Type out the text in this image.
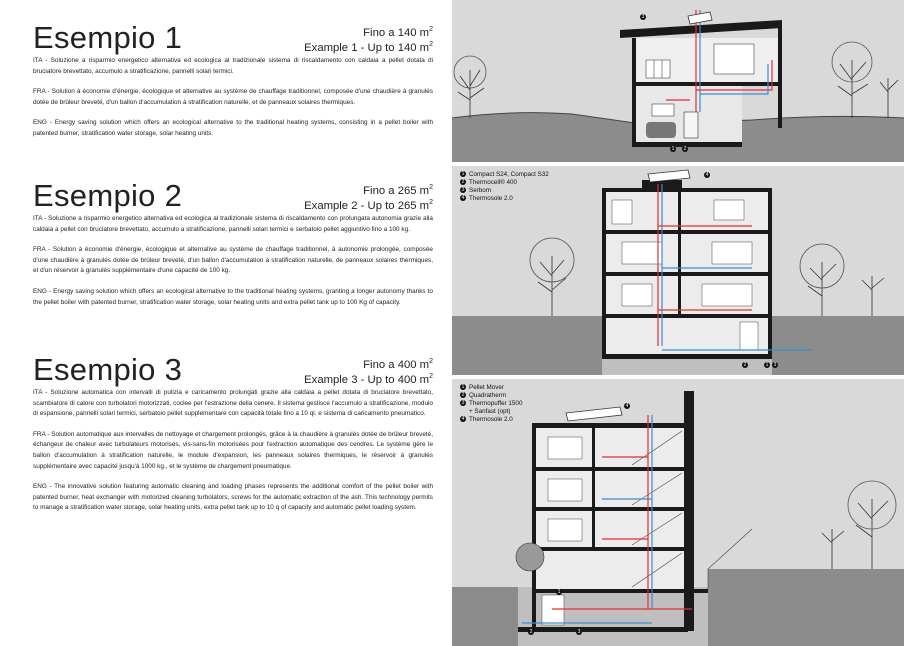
Esempio 1	Fino a 140 $m^2$
Example 1 - Up to 140 $m^2$

ITA - Soluzione a risparmio energetico alternativa ed ecologica al tradizionale sistema di riscaldamento con caldaia a pellet dotata di bruciatore brevettato, accumulo a stratificazione, pannelli solari termici.

FRA - Solution à économie d'énergie, écologique et alternative au système de chauffage traditionnel, composée d'une chaudière à granulés dotée de brûleur breveté, d'un ballon d'accumulation à stratification naturelle, et de panneaux solaires thermiques.

ENG - Energy saving solution which offers an ecological alternative to the traditional heating systems, consisting in a pellet boiler with patented burner, stratification water storage, solar heating units.

Esempio 2	Fino a 265 $m^2$
Example 2 - Up to 265 $m^2$

ITA - Soluzione a risparmio energetico alternativa ed ecologica al tradizionale sistema di riscaldamento con prolungata autonomia grazie alla caldaia a pellet con bruciatore brevettato, accumulo a stratificazione, pannelli solari termici e serbatoio pellet aggiuntivo fino a 100 kg.

FRA - Solution à économie d'énergie, écologique et alternative au système de chauffage traditionnel, à autonomie prolongée, composée d'une chaudière à granulés dotée de brûleur breveté, d'un ballon d'accumulation à stratification naturelle, de panneaux solaires thermiques, et d'un réservoir à granulés supplémentaire d'une capacité de 100 kg.

ENG - Energy saving solution which offers an ecological alternative to the traditional heating systems, granting a longer autonomy thanks to the pellet boiler with patented burner, stratification water storage, solar heating units and extra pellet tank up to 100 Kg of capacity.

Esempio 3	Fino a 400 $m^2$
Example 3 - Up to 400 $m^2$

ITA - Soluzione automatica con intervalli di pulizia e caricamento prolungati grazie alla caldaia a pellet dotata di bruciatore brevettato, scambiatore di calore con turbolatori motorizzati, coclee per l'estrazione della cenere. Il sistema gestisce l'accumulo a stratificazione, modulo di espansione, pannelli solari termici, serbatoio pellet supplementare con capacità totale fino a 10 ql. e sistema di caricamento pneumatico.

FRA - Solution automatique aux intervalles de nettoyage et chargement prolongés, grâce à la chaudière à granulés dotée de brûleur breveté, échangeur de chaleur avec turbulateurs motorisés, vis-sans-fin motorisées pour l'extraction automatique des cendres. Le système gère le ballon d'accumulation à stratification naturelle, le module d'expansion, les panneaux solaires thermiques, le réservoir à granulés supplémentaire avec capacité jusqu'à 1000 kg., et le système de chargement pneumatique.

ENG - The innovative solution featuring automatic cleaning and loading phases represents the additional comfort of the pellet boiler with patented burner, heat exchanger with motorized cleaning turbolators, screws for the automatic extraction of the ash. This technology permits to manage a stratification water storage, solar heating units, extra pellet tank up to 10 q of capacity and automatic pellet loading system.

3
1	2
1 Compact S24, Compact S32
2 Thermocell® 400
3 Serbom
4 Thermosole 2.0
4
2	1	3
1 Pellet Mover
2 Quadratherm
3 Thermopuffer 1500
+ Sanfast (opt)
4 Thermosole 2.0
4
1
2	3
